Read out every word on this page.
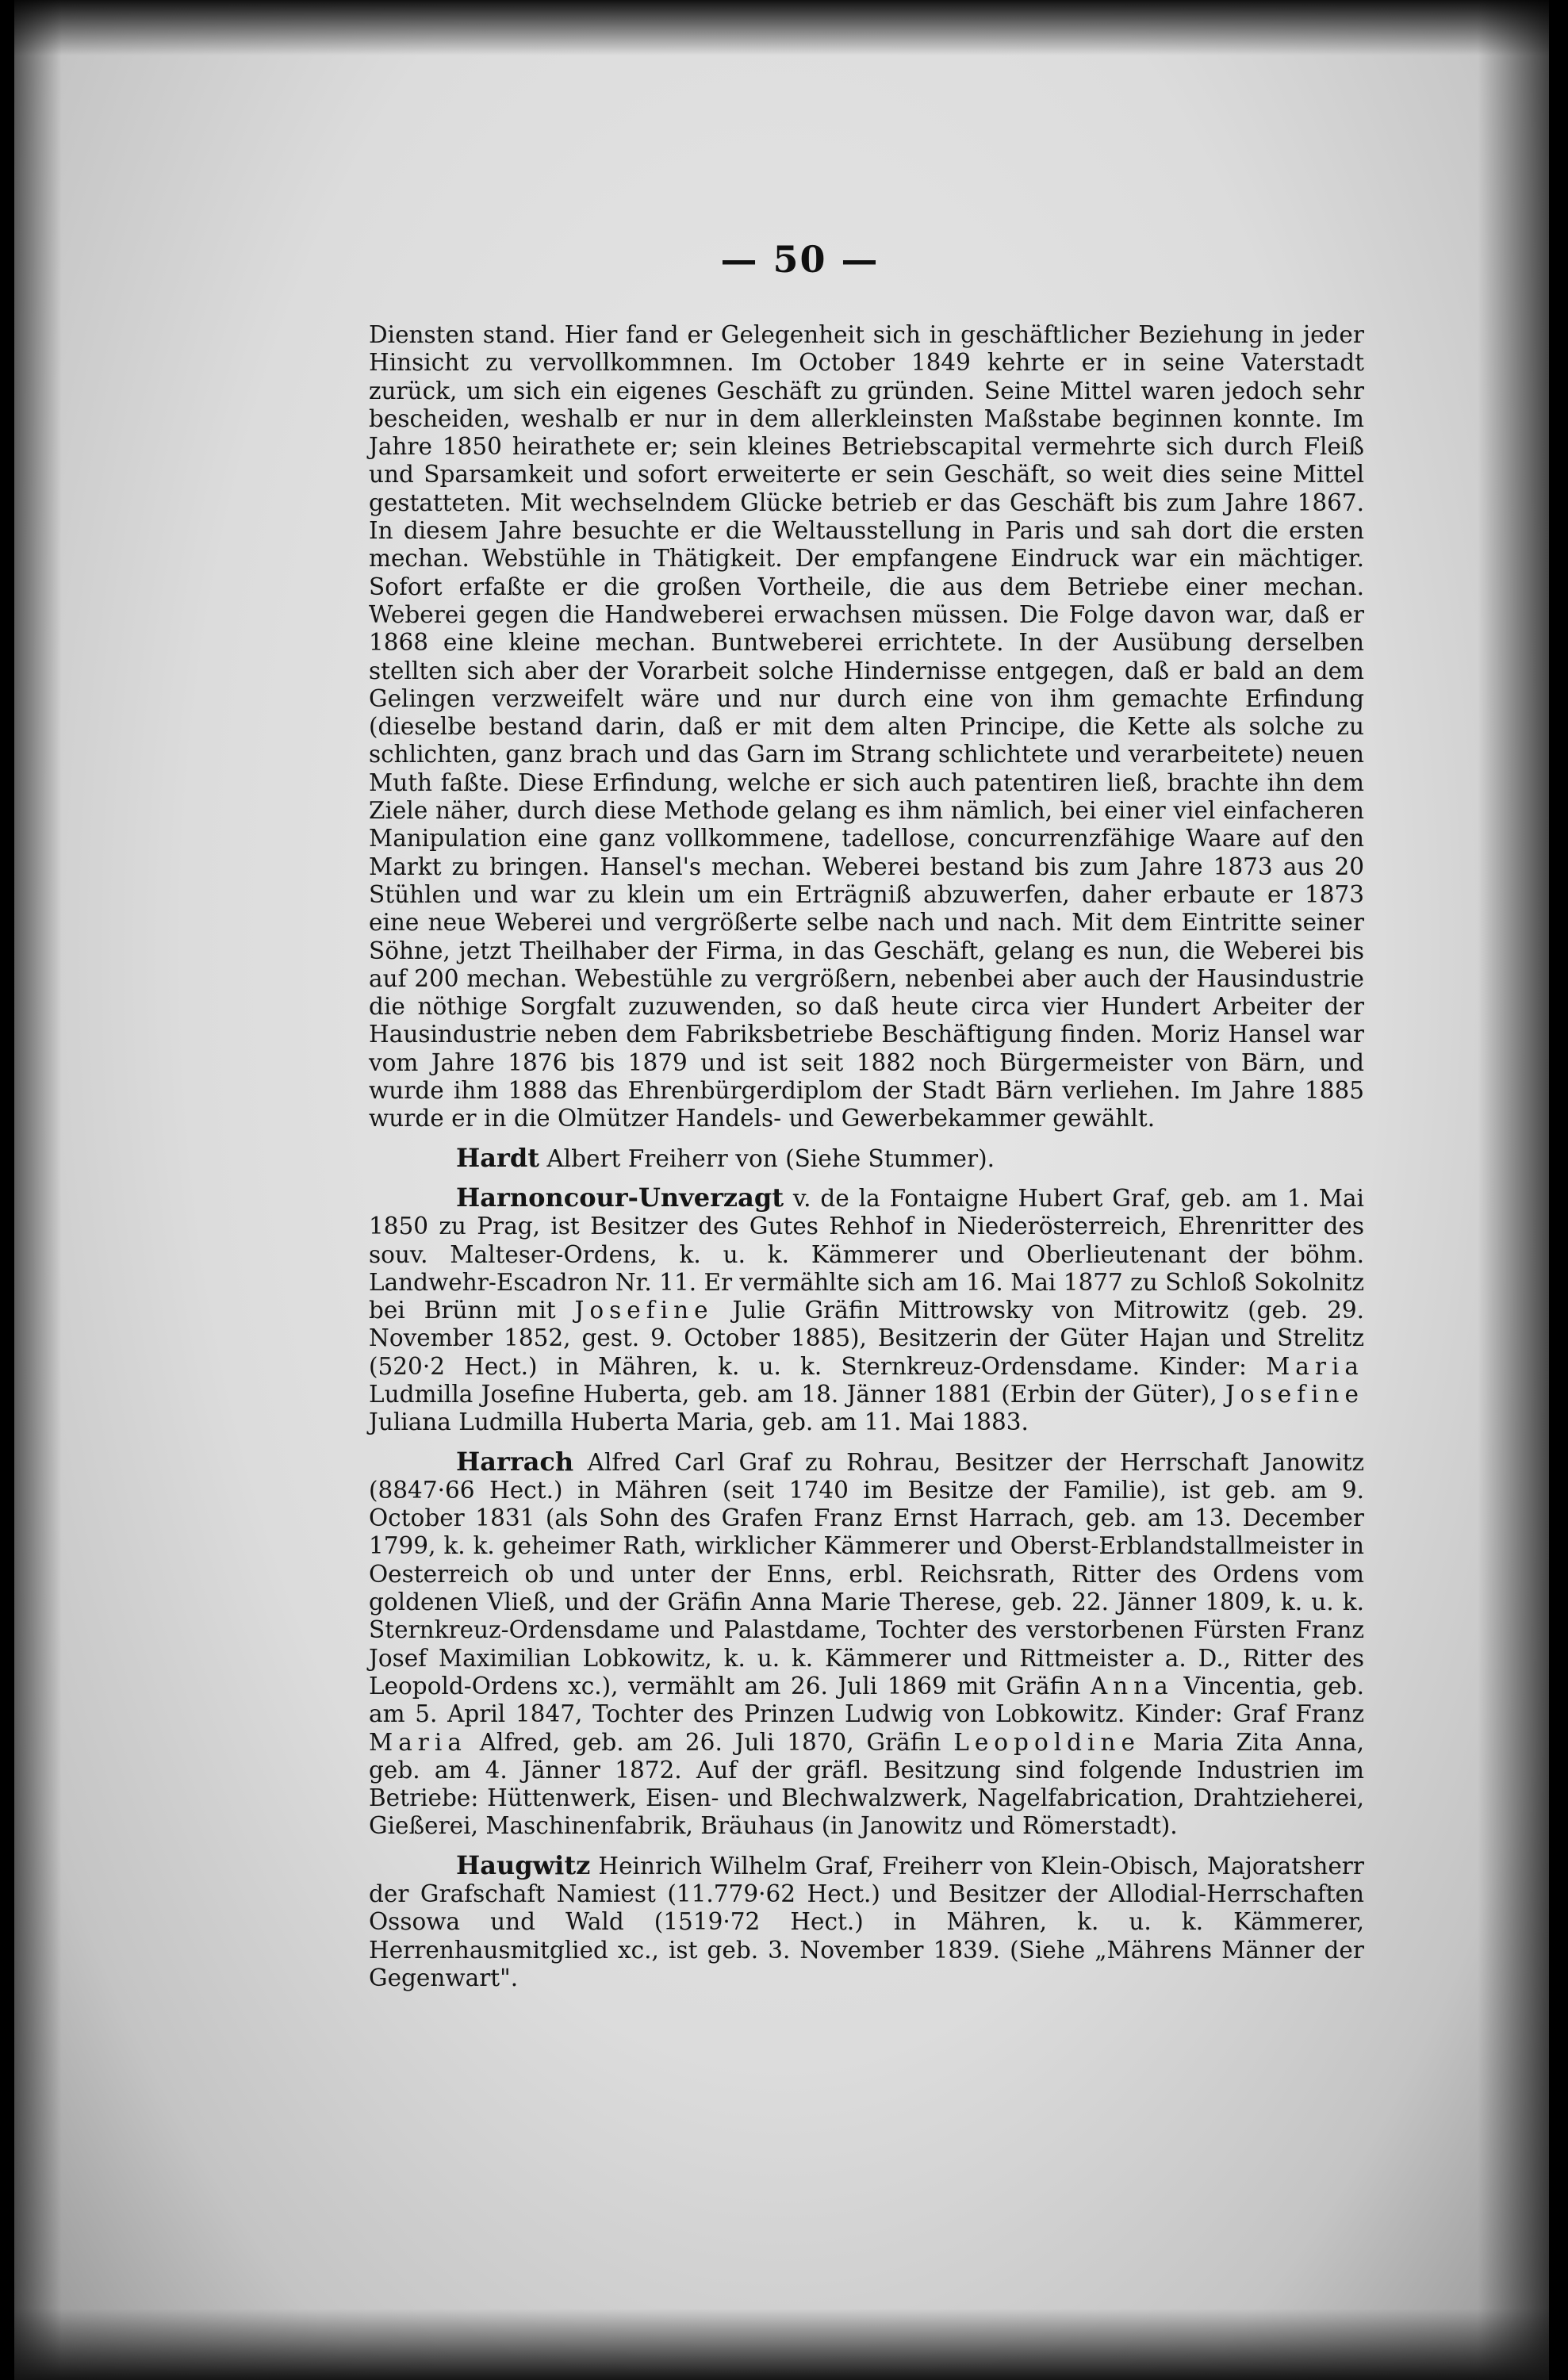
— 50 —

Diensten stand. Hier fand er Gelegenheit sich in geschäftlicher Beziehung in jeder Hinsicht zu vervollkommnen. Im October 1849 kehrte er in seine Vaterstadt zurück, um sich ein eigenes Geschäft zu gründen. Seine Mittel waren jedoch sehr bescheiden, weshalb er nur in dem allerkleinsten Maßstabe beginnen konnte. Im Jahre 1850 heirathete er; sein kleines Betriebscapital vermehrte sich durch Fleiß und Sparsamkeit und sofort erweiterte er sein Geschäft, so weit dies seine Mittel gestatteten. Mit wechselndem Glücke betrieb er das Geschäft bis zum Jahre 1867. In diesem Jahre besuchte er die Weltausstellung in Paris und sah dort die ersten mechan. Webstühle in Thätigkeit. Der empfangene Eindruck war ein mächtiger. Sofort erfaßte er die großen Vortheile, die aus dem Betriebe einer mechan. Weberei gegen die Handweberei erwachsen müssen. Die Folge davon war, daß er 1868 eine kleine mechan. Buntweberei errichtete. In der Ausübung derselben stellten sich aber der Vorarbeit solche Hindernisse entgegen, daß er bald an dem Gelingen verzweifelt wäre und nur durch eine von ihm gemachte Erfindung (dieselbe bestand darin, daß er mit dem alten Principe, die Kette als solche zu schlichten, ganz brach und das Garn im Strang schlichtete und verarbeitete) neuen Muth faßte. Diese Erfindung, welche er sich auch patentiren ließ, brachte ihn dem Ziele näher, durch diese Methode gelang es ihm nämlich, bei einer viel einfacheren Manipulation eine ganz vollkommene, tadellose, concurrenzfähige Waare auf den Markt zu bringen. Hansel's mechan. Weberei bestand bis zum Jahre 1873 aus 20 Stühlen und war zu klein um ein Erträgniß abzuwerfen, daher erbaute er 1873 eine neue Weberei und vergrößerte selbe nach und nach. Mit dem Eintritte seiner Söhne, jetzt Theilhaber der Firma, in das Geschäft, gelang es nun, die Weberei bis auf 200 mechan. Webestühle zu vergrößern, nebenbei aber auch der Hausindustrie die nöthige Sorgfalt zuzuwenden, so daß heute circa vier Hundert Arbeiter der Hausindustrie neben dem Fabriksbetriebe Beschäftigung finden. Moriz Hansel war vom Jahre 1876 bis 1879 und ist seit 1882 noch Bürgermeister von Bärn, und wurde ihm 1888 das Ehrenbürgerdiplom der Stadt Bärn verliehen. Im Jahre 1885 wurde er in die Olmützer Handels- und Gewerbekammer gewählt.

Hardt Albert Freiherr von (Siehe Stummer).

Harnoncour-Unverzagt v. de la Fontaigne Hubert Graf, geb. am 1. Mai 1850 zu Prag, ist Besitzer des Gutes Rehhof in Niederösterreich, Ehrenritter des souv. Malteser-Ordens, k. u. k. Kämmerer und Oberlieutenant der böhm. Landwehr-Escadron Nr. 11. Er vermählte sich am 16. Mai 1877 zu Schloß Sokolnitz bei Brünn mit Josefine Julie Gräfin Mittrowsky von Mitrowitz (geb. 29. November 1852, gest. 9. October 1885), Besitzerin der Güter Hajan und Strelitz (520·2 Hect.) in Mähren, k. u. k. Sternkreuz-Ordensdame. Kinder: Maria Ludmilla Josefine Huberta, geb. am 18. Jänner 1881 (Erbin der Güter), Josefine Juliana Ludmilla Huberta Maria, geb. am 11. Mai 1883.

Harrach Alfred Carl Graf zu Rohrau, Besitzer der Herrschaft Janowitz (8847·66 Hect.) in Mähren (seit 1740 im Besitze der Familie), ist geb. am 9. October 1831 (als Sohn des Grafen Franz Ernst Harrach, geb. am 13. December 1799, k. k. geheimer Rath, wirklicher Kämmerer und Oberst-Erblandstallmeister in Oesterreich ob und unter der Enns, erbl. Reichsrath, Ritter des Ordens vom goldenen Vließ, und der Gräfin Anna Marie Therese, geb. 22. Jänner 1809, k. u. k. Sternkreuz-Ordensdame und Palastdame, Tochter des verstorbenen Fürsten Franz Josef Maximilian Lobkowitz, k. u. k. Kämmerer und Rittmeister a. D., Ritter des Leopold-Ordens xc.), vermählt am 26. Juli 1869 mit Gräfin Anna Vincentia, geb. am 5. April 1847, Tochter des Prinzen Ludwig von Lobkowitz. Kinder: Graf Franz Maria Alfred, geb. am 26. Juli 1870, Gräfin Leopoldine Maria Zita Anna, geb. am 4. Jänner 1872. Auf der gräfl. Besitzung sind folgende Industrien im Betriebe: Hüttenwerk, Eisen- und Blechwalzwerk, Nagelfabrication, Drahtzieherei, Gießerei, Maschinenfabrik, Bräuhaus (in Janowitz und Römerstadt).

Haugwitz Heinrich Wilhelm Graf, Freiherr von Klein-Obisch, Majoratsherr der Grafschaft Namiest (11.779·62 Hect.) und Besitzer der Allodial-Herrschaften Ossowa und Wald (1519·72 Hect.) in Mähren, k. u. k. Kämmerer, Herrenhausmitglied xc., ist geb. 3. November 1839. (Siehe „Mährens Männer der Gegenwart".
